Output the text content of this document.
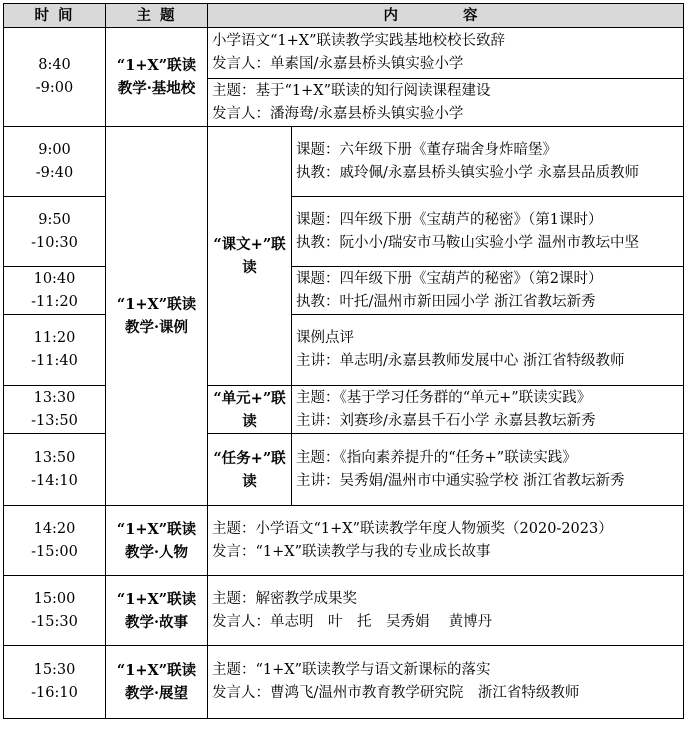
时 间	主 题	内 容	

8:40
-9:00	“1+X”联读教学·基地校	小学语文“1+X”联读教学实践基地校校长致辞
发言人：单素国/永嘉县桥头镇实验小学	

		主题：基于“1+X”联读的知行阅读课程建设
发言人：潘海鸯/永嘉县桥头镇实验小学	

9:00
-9:40	“1+X”联读教学·课例	“课文+”联读	课题：六年级下册《董存瑞舍身炸暗堡》
执教：戚玲佩/永嘉县桥头镇实验小学 永嘉县品质教师

9:50
-10:30			课题：四年级下册《宝葫芦的秘密》（第1课时）
执教：阮小小/瑞安市马鞍山实验小学 温州市教坛中坚

10:40
-11:20			课题：四年级下册《宝葫芦的秘密》（第2课时）
执教：叶托/温州市新田园小学 浙江省教坛新秀

11:20
-11:40			课例点评
主讲：单志明/永嘉县教师发展中心 浙江省特级教师

13:30
-13:50		“单元+”联读	主题：《基于学习任务群的“单元+”联读实践》
主讲：刘赛珍/永嘉县千石小学 永嘉县教坛新秀

13:50
-14:10		“任务+”联读	主题：《指向素养提升的“任务+”联读实践》
主讲：吴秀娟/温州市中通实验学校 浙江省教坛新秀

14:20
-15:00	“1+X”联读教学·人物	主题：小学语文“1+X”联读教学年度人物颁奖（2020-2023）
发言：“1+X”联读教学与我的专业成长故事	

15:00
-15:30	“1+X”联读教学·故事	主题：解密教学成果奖
发言人：单志明　叶　托　吴秀娟　 黄博丹	

15:30
-16:10	“1+X”联读教学·展望	主题：“1+X”联读教学与语文新课标的落实
发言人：曹鸿飞/温州市教育教学研究院　浙江省特级教师	
